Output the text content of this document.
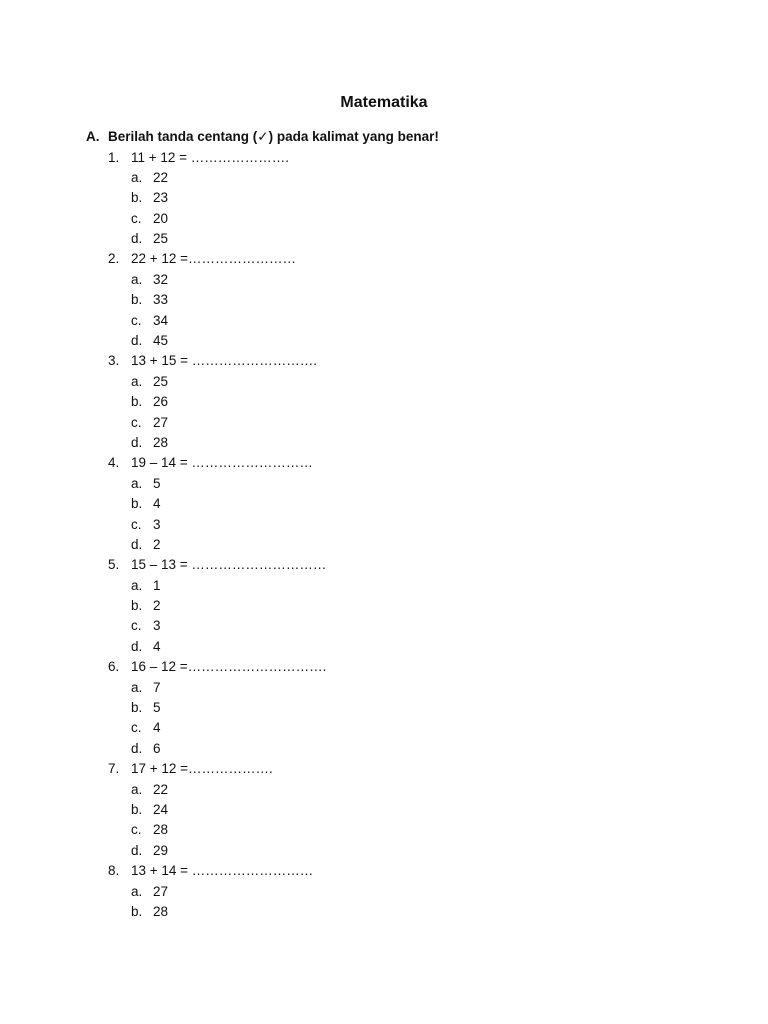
Matematika
A. Berilah tanda centang (✓) pada kalimat yang benar!
1. 11 + 12 = ………………….
a. 22
b. 23
c. 20
d. 25
2. 22 + 12 =……………………
a. 32
b. 33
c. 34
d. 45
3. 13 + 15 = ……………………….
a. 25
b. 26
c. 27
d. 28
4. 19 – 14 = ………………………
a. 5
b. 4
c. 3
d. 2
5. 15 – 13 = …………………………
a. 1
b. 2
c. 3
d. 4
6. 16 – 12 =………………………….
a. 7
b. 5
c. 4
d. 6
7. 17 + 12 =……………….
a. 22
b. 24
c. 28
d. 29
8. 13 + 14 = ………………………
a. 27
b. 28
